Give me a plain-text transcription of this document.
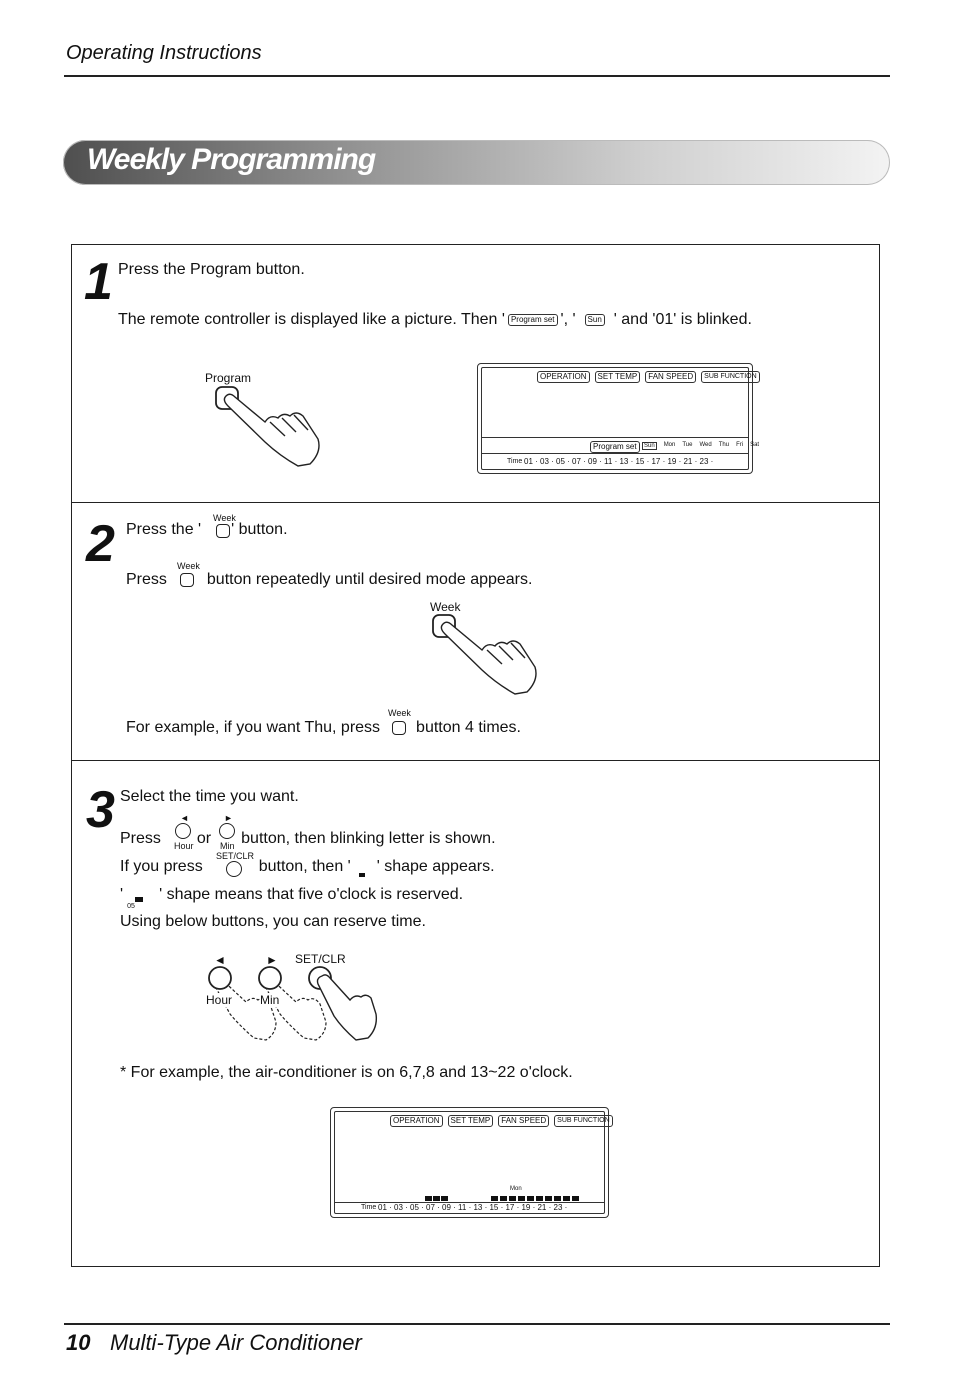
Operating Instructions
Weekly Programming
1 Press the Program button.
The remote controller is displayed like a picture. Then ' Program set ', ' Sun ' and '01' is blinked.
Program	OPERATION	SET TEMP	FAN SPEED	SUB FUNCTION
Program set	Sun	Mon Tue Wed Thu Fri Sat
Time 01 · 03 · 05 · 07 · 09 · 11 · 13 · 15 · 17 · 19 · 21 · 23 ·
2 Press the ' ' button.
Week
Press	button repeatedly until desired mode appears.
Week
Week
For example, if you want Thu, press button 4 times.
Week
3 Select the time you want.
Press or button, then blinking letter is shown.
◄
Hour
►
Min
If you press	button, then ' ' shape appears.
SET/CLR
'
05
' shape means that five o'clock is reserved.
Using below buttons, you can reserve time.
◄	► SET/CLR
Hour Min
* For example, the air-conditioner is on 6,7,8 and 13~22 o'clock.
OPERATION	SET TEMP	FAN SPEED	SUB FUNCTION
Mon
Time 01 · 03 · 05 · 07 · 09 · 11 · 13 · 15 · 17 · 19 · 21 · 23 ·
10 Multi-Type Air Conditioner
